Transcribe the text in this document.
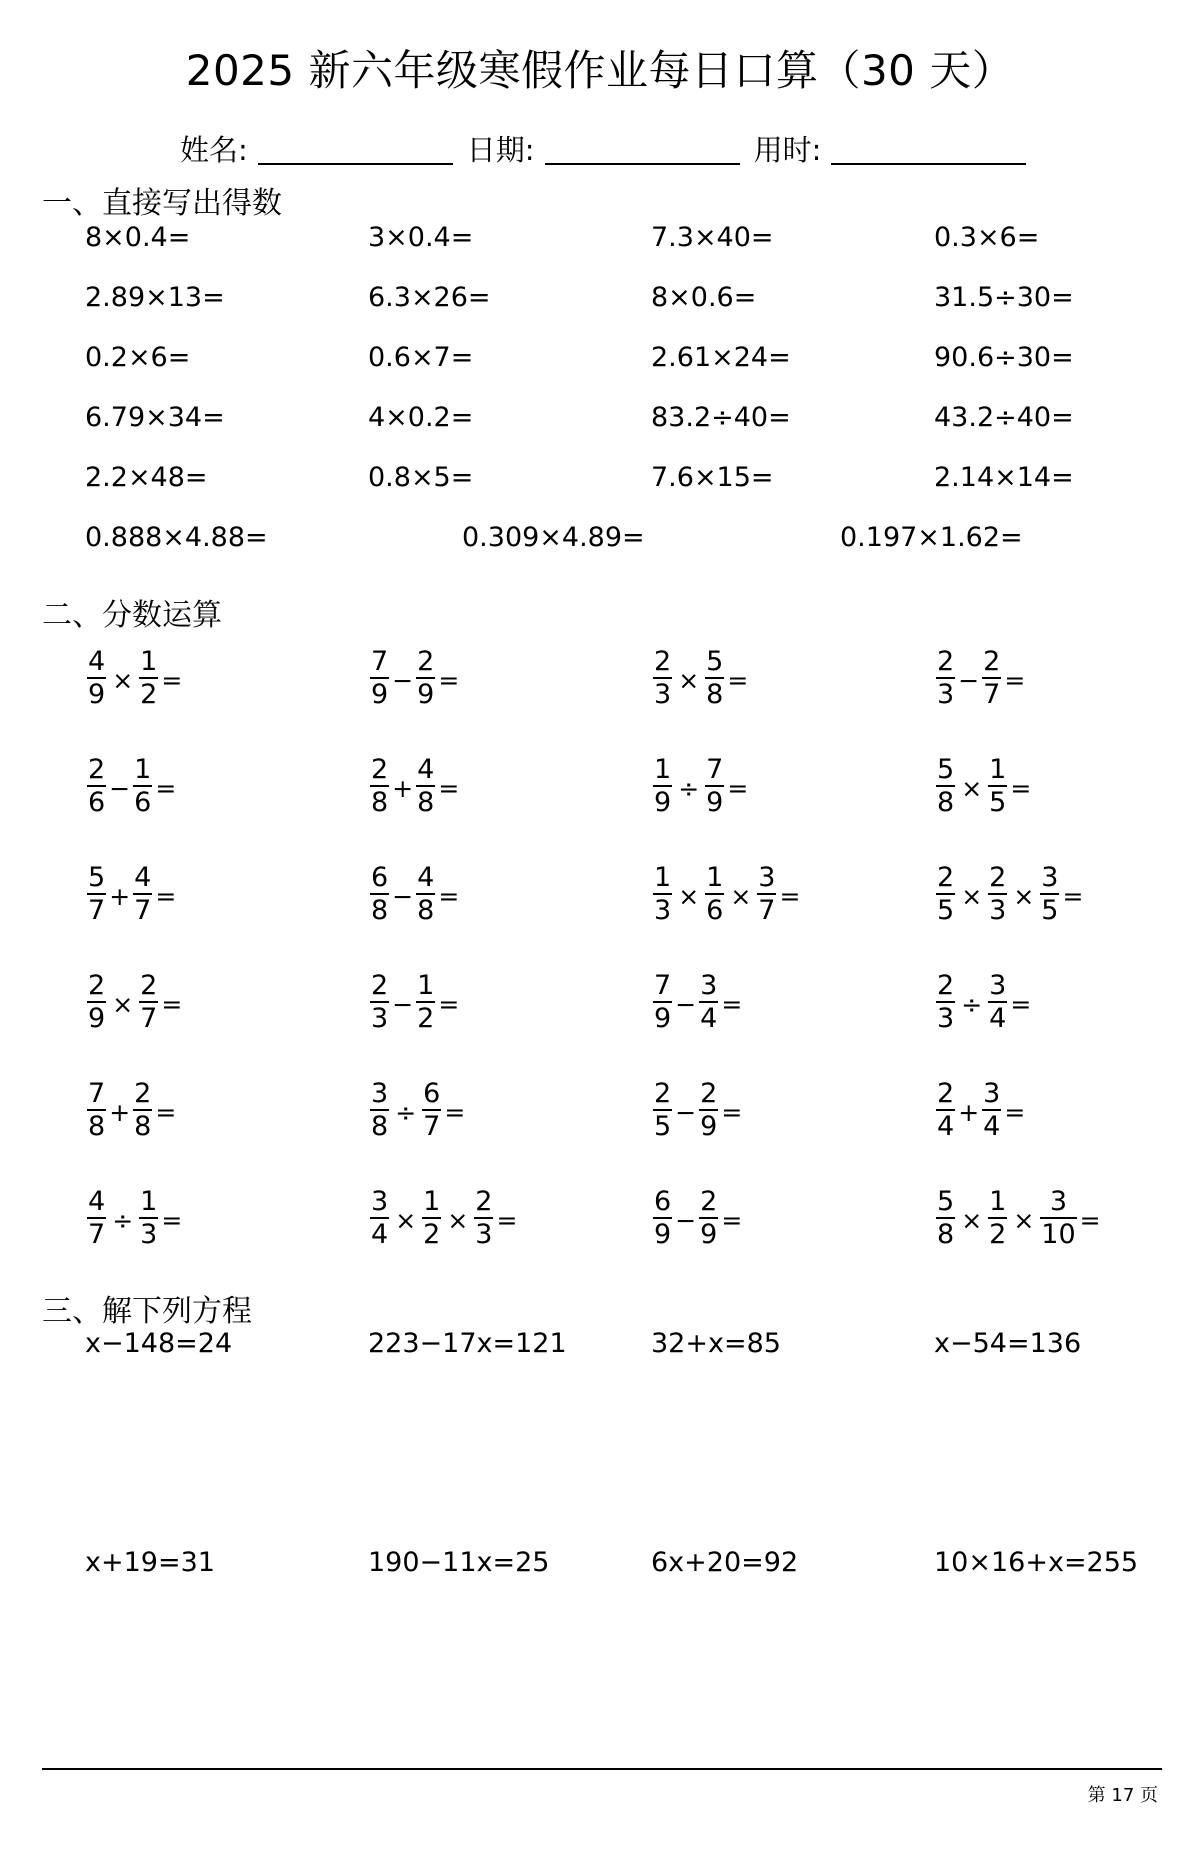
2025 新六年级寒假作业每日口算（30 天）
姓名:	日期:	用时:
一、直接写出得数
8×0.4=	3×0.4=	7.3×40=	0.3×6=
2.89×13=	6.3×26=	8×0.6=	31.5÷30=
0.2×6=	0.6×7=	2.61×24=	90.6÷30=
6.79×34=	4×0.2=	83.2÷40=	43.2÷40=
2.2×48=	0.8×5=	7.6×15=	2.14×14=
0.888×4.88=	0.309×4.89=	0.197×1.62=
二、分数运算
$\frac{4}{9} \times \frac{1}{2}$ =	$\frac{7}{9} - \frac{2}{9}$ =	$\frac{2}{3} \times \frac{5}{8}$ =	$\frac{2}{3} - \frac{2}{7}$ =
$\frac{2}{6} - \frac{1}{6}$ =	$\frac{2}{8} + \frac{4}{8}$ =	$\frac{1}{9} \div \frac{7}{9}$ =	$\frac{5}{8} \times \frac{1}{5}$ =
$\frac{5}{7} + \frac{4}{7}$ =	$\frac{6}{8} - \frac{4}{8}$ =	$\frac{1}{3} \times \frac{1}{6} \times \frac{3}{7}$ =	$\frac{2}{5} \times \frac{2}{3} \times \frac{3}{5}$ =
$\frac{2}{9} \times \frac{2}{7}$ =	$\frac{2}{3} - \frac{1}{2}$ =	$\frac{7}{9} - \frac{3}{4}$ =	$\frac{2}{3} \div \frac{3}{4}$ =
$\frac{7}{8} + \frac{2}{8}$ =	$\frac{3}{8} \div \frac{6}{7}$ =	$\frac{2}{5} - \frac{2}{9}$ =	$\frac{2}{4} + \frac{3}{4}$ =
$\frac{4}{7} \div \frac{1}{3}$ =	$\frac{3}{4} \times \frac{1}{2} \times \frac{2}{3}$ =	$\frac{6}{9} - \frac{2}{9}$ =	$\frac{5}{8} \times \frac{1}{2} \times \frac{3}{10}$ =
三、解下列方程
x−148=24	223−17x=121	32+x=85	x−54=136
x+19=31	190−11x=25	6x+20=92	10×16+x=255
第 17 页
